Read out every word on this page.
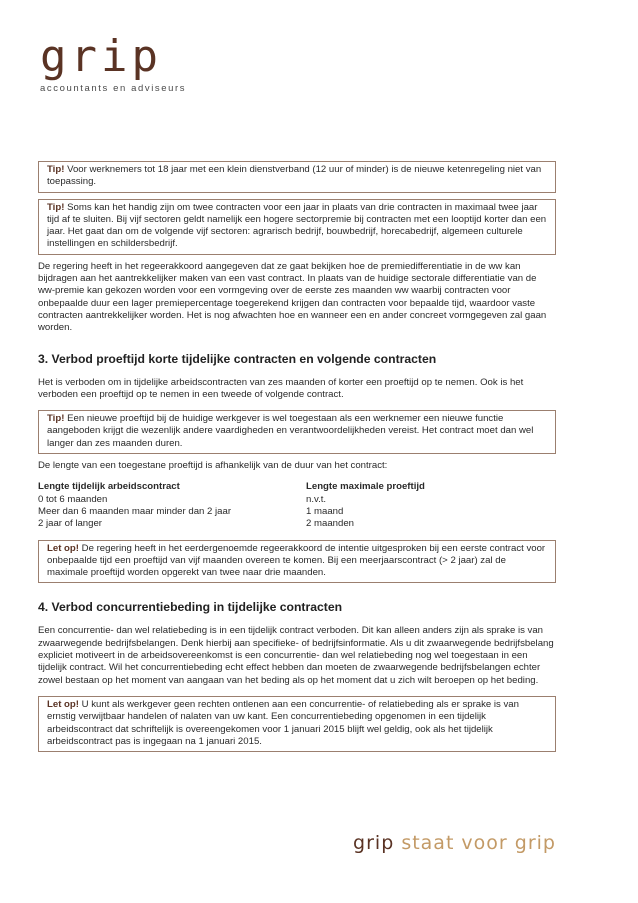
grip
accountants en adviseurs
Tip! Voor werknemers tot 18 jaar met een klein dienstverband (12 uur of minder) is de nieuwe ketenregeling niet van toepassing.
Tip! Soms kan het handig zijn om twee contracten voor een jaar in plaats van drie contracten in maximaal twee jaar tijd af te sluiten. Bij vijf sectoren geldt namelijk een hogere sectorpremie bij contracten met een looptijd korter dan een jaar. Het gaat dan om de volgende vijf sectoren: agrarisch bedrijf, bouwbedrijf, horecabedrijf, algemeen culturele instellingen en schildersbedrijf.

De regering heeft in het regeerakkoord aangegeven dat ze gaat bekijken hoe de premiedifferentiatie in de ww kan bijdragen aan het aantrekkelijker maken van een vast contract. In plaats van de huidige sectorale differentiatie van de ww-premie kan gekozen worden voor een vormgeving over de eerste zes maanden ww waarbij contracten voor onbepaalde duur een lager premiepercentage toegerekend krijgen dan contracten voor bepaalde tijd, waardoor vaste contracten aantrekkelijker worden. Het is nog afwachten hoe en wanneer een en ander concreet vormgegeven zal gaan worden.

3. Verbod proeftijd korte tijdelijke contracten en volgende contracten

Het is verboden om in tijdelijke arbeidscontracten van zes maanden of korter een proeftijd op te nemen. Ook is het verboden een proeftijd op te nemen in een tweede of volgende contract.

Tip! Een nieuwe proeftijd bij de huidige werkgever is wel toegestaan als een werknemer een nieuwe functie aangeboden krijgt die wezenlijk andere vaardigheden en verantwoordelijkheden vereist. Het contract moet dan wel langer dan zes maanden duren.

De lengte van een toegestane proeftijd is afhankelijk van de duur van het contract:

Lengte tijdelijk arbeidscontract	Lengte maximale proeftijd
0 tot 6 maanden	n.v.t.
Meer dan 6 maanden maar minder dan 2 jaar	1 maand
2 jaar of langer	2 maanden
Let op! De regering heeft in het eerdergenoemde regeerakkoord de intentie uitgesproken bij een eerste contract voor onbepaalde tijd een proeftijd van vijf maanden overeen te komen. Bij een meerjaarscontract (> 2 jaar) zal de maximale proeftijd worden opgerekt van twee naar drie maanden.
4. Verbod concurrentiebeding in tijdelijke contracten

Een concurrentie- dan wel relatiebeding is in een tijdelijk contract verboden. Dit kan alleen anders zijn als sprake is van zwaarwegende bedrijfsbelangen. Denk hierbij aan specifieke- of bedrijfsinformatie. Als u dit zwaarwegende bedrijfsbelang expliciet motiveert in de arbeidsovereenkomst is een concurrentie- dan wel relatiebeding nog wel toegestaan in een tijdelijk contract. Wil het concurrentiebeding echt effect hebben dan moeten de zwaarwegende bedrijfsbelangen echter zowel bestaan op het moment van aangaan van het beding als op het moment dat u zich wilt beroepen op het beding.

Let op! U kunt als werkgever geen rechten ontlenen aan een concurrentie- of relatiebeding als er sprake is van ernstig verwijtbaar handelen of nalaten van uw kant. Een concurrentiebeding opgenomen in een tijdelijk arbeidscontract dat schriftelijk is overeengekomen voor 1 januari 2015 blijft wel geldig, ook als het tijdelijk arbeidscontract pas is ingegaan na 1 januari 2015.
grip staat voor grip
